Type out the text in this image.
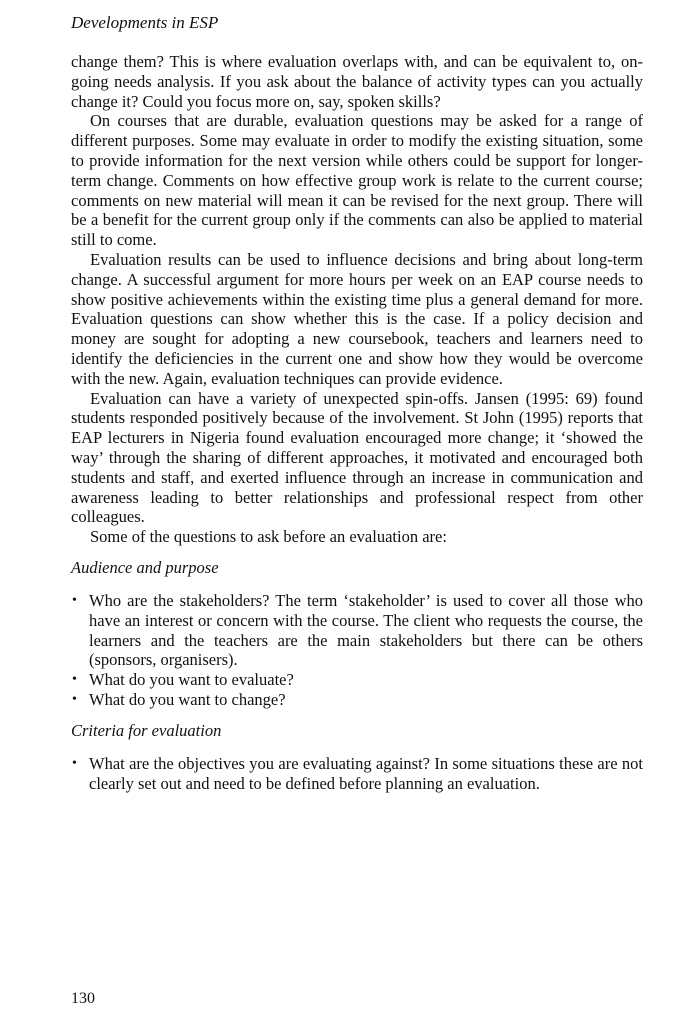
Developments in ESP

change them? This is where evaluation overlaps with, and can be equivalent to, on-going needs analysis. If you ask about the balance of activity types can you actually change it? Could you focus more on, say, spoken skills?

On courses that are durable, evaluation questions may be asked for a range of different purposes. Some may evaluate in order to modify the existing situation, some to provide information for the next version while others could be support for longer-term change. Comments on how effective group work is relate to the current course; comments on new material will mean it can be revised for the next group. There will be a benefit for the current group only if the comments can also be applied to material still to come.

Evaluation results can be used to influence decisions and bring about long-term change. A successful argument for more hours per week on an EAP course needs to show positive achievements within the existing time plus a general demand for more. Evaluation questions can show whether this is the case. If a policy decision and money are sought for adopting a new coursebook, teachers and learners need to identify the deficiencies in the current one and show how they would be overcome with the new. Again, evaluation techniques can provide evidence.

Evaluation can have a variety of unexpected spin-offs. Jansen (1995: 69) found students responded positively because of the involvement. St John (1995) reports that EAP lecturers in Nigeria found evaluation encouraged more change; it ‘showed the way’ through the sharing of different approaches, it motivated and encouraged both students and staff, and exerted influence through an increase in communication and awareness leading to better relationships and professional respect from other colleagues.

Some of the questions to ask before an evaluation are:

Audience and purpose
• Who are the stakeholders? The term ‘stakeholder’ is used to cover all those who have an interest or concern with the course. The client who requests the course, the learners and the teachers are the main stakeholders but there can be others (sponsors, organisers).
• What do you want to evaluate?
• What do you want to change?
Criteria for evaluation
• What are the objectives you are evaluating against? In some situations these are not clearly set out and need to be defined before planning an evaluation.
130
